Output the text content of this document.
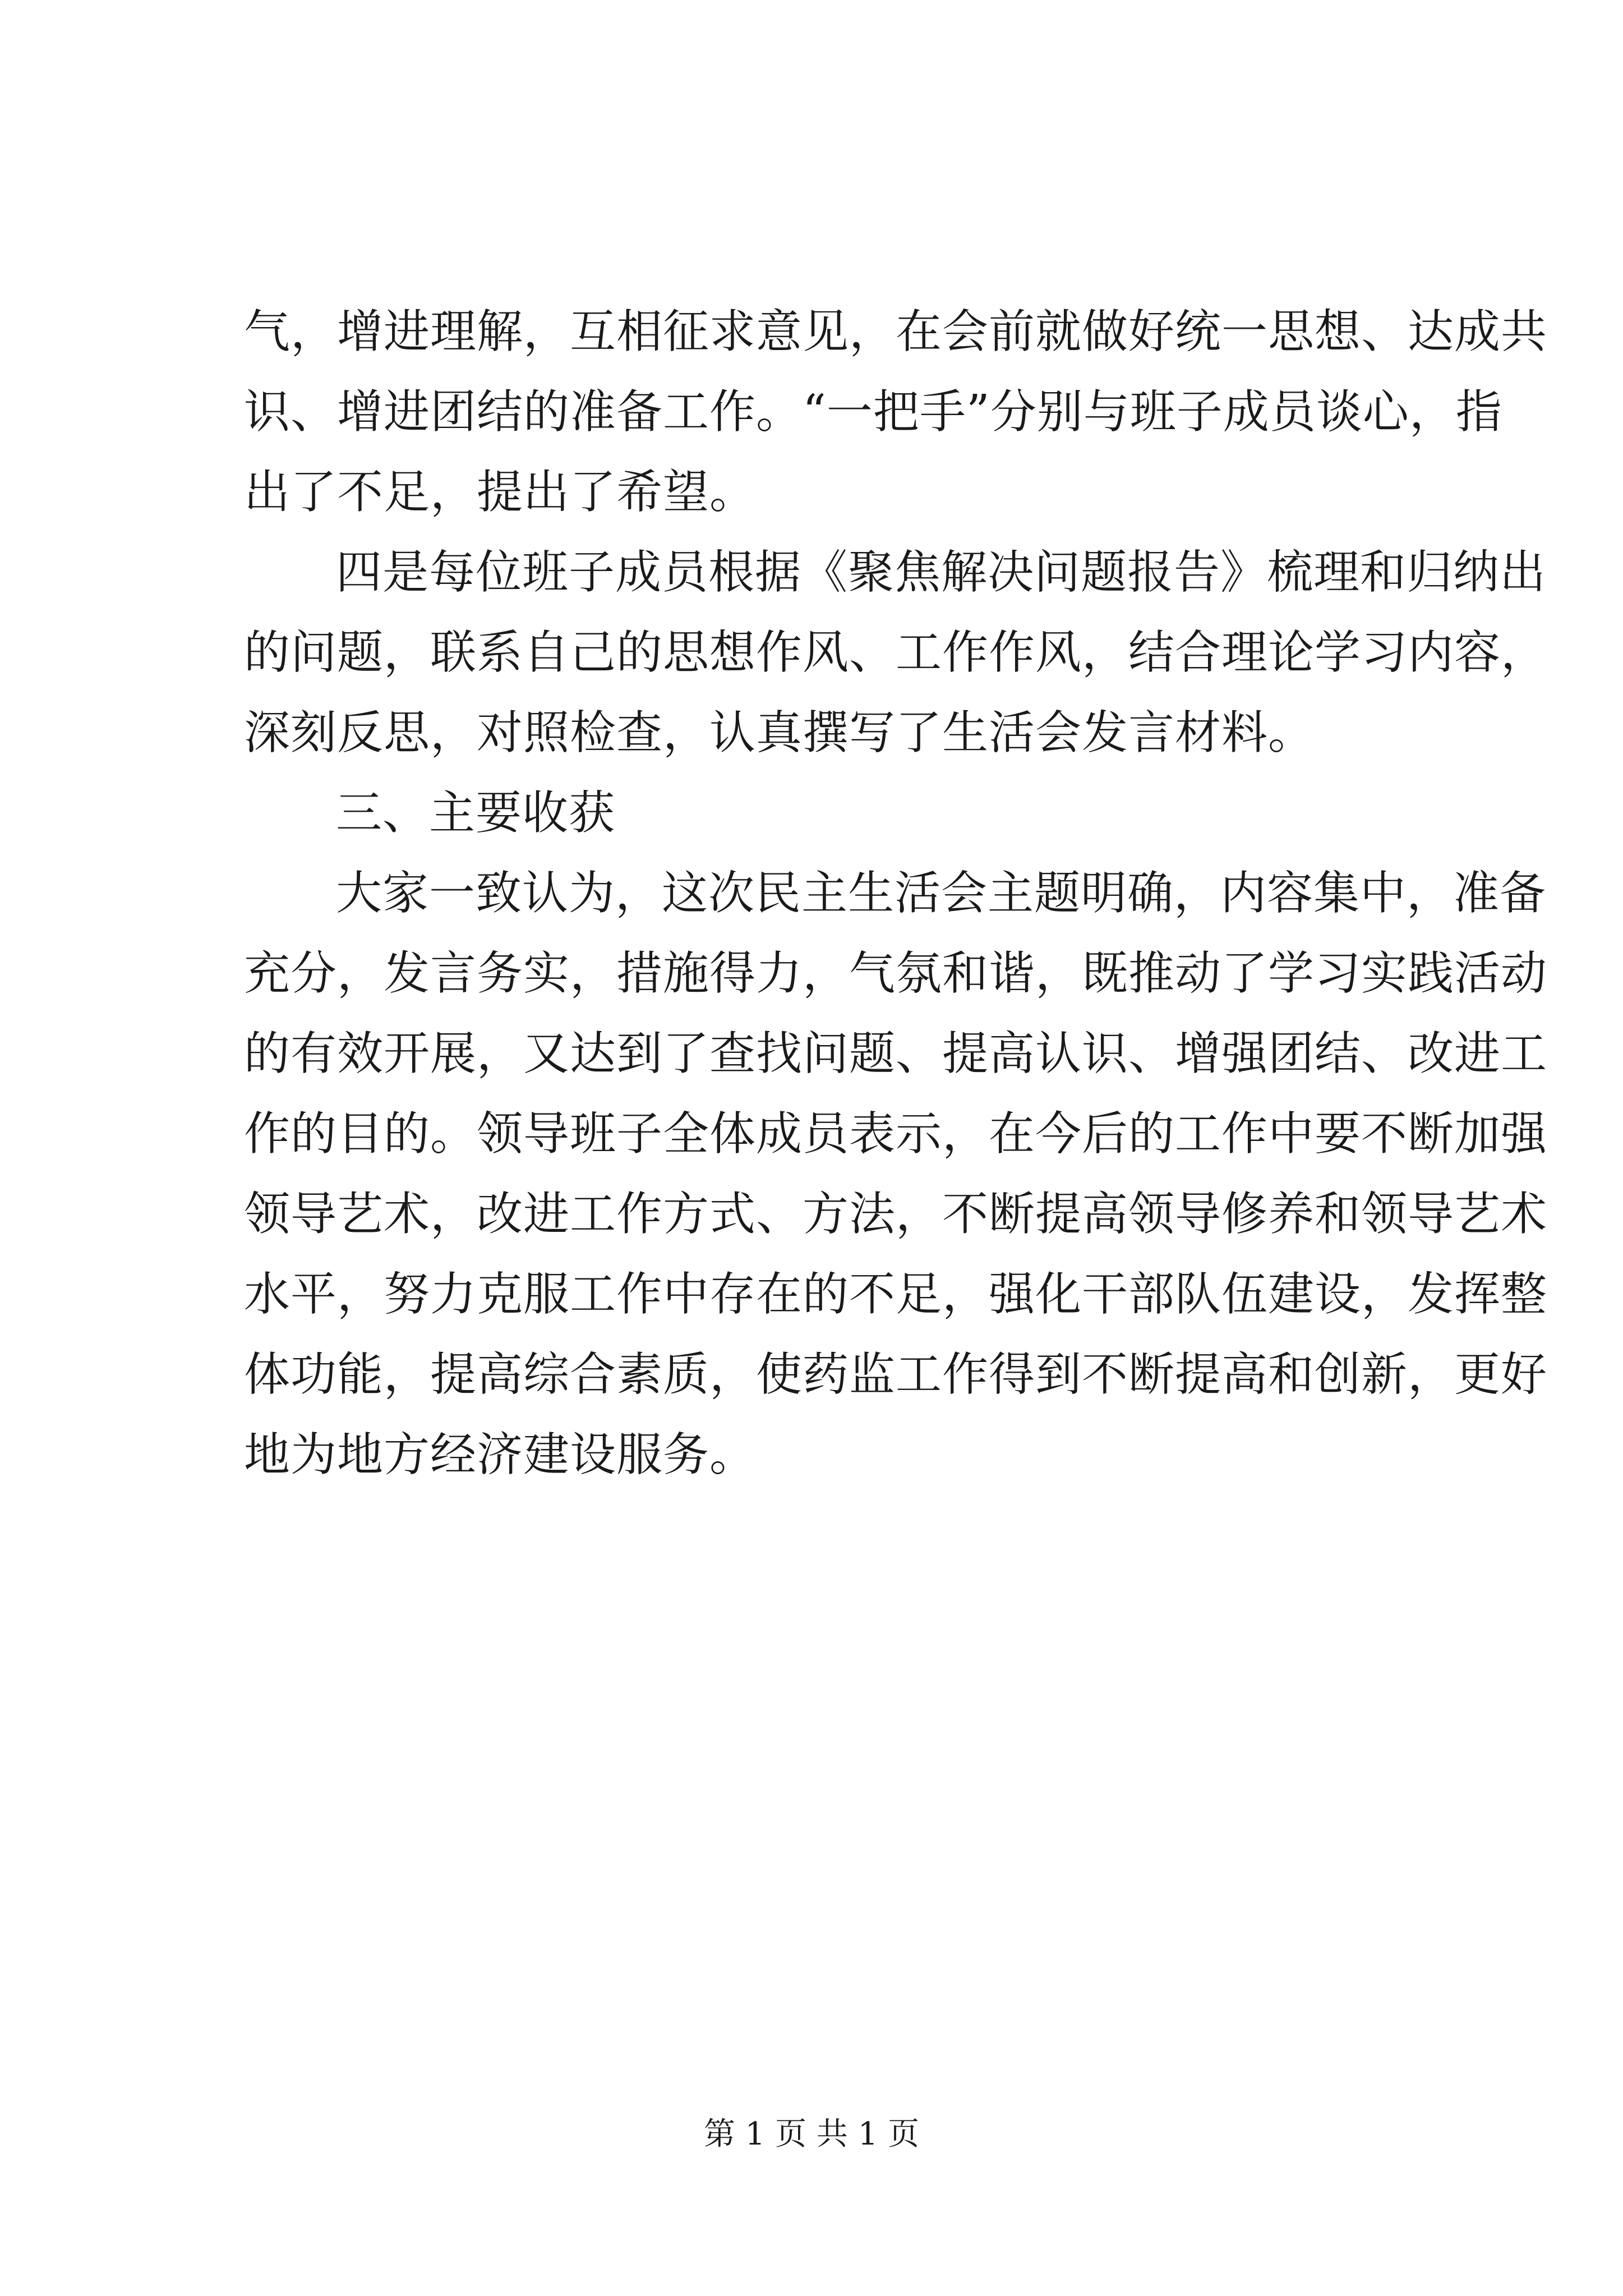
气，增进理解，互相征求意见，在会前就做好统一思想、达成共
识、增进团结的准备工作。“一把手”分别与班子成员谈心，指
出了不足，提出了希望。

四是每位班子成员根据《聚焦解决问题报告》梳理和归纳出
的问题，联系自己的思想作风、工作作风，结合理论学习内容，
深刻反思，对照检查，认真撰写了生活会发言材料。

三、主要收获

大家一致认为，这次民主生活会主题明确，内容集中，准备
充分，发言务实，措施得力，气氛和谐，既推动了学习实践活动
的有效开展，又达到了查找问题、提高认识、增强团结、改进工
作的目的。领导班子全体成员表示，在今后的工作中要不断加强
领导艺术，改进工作方式、方法，不断提高领导修养和领导艺术
水平，努力克服工作中存在的不足，强化干部队伍建设，发挥整
体功能，提高综合素质，使药监工作得到不断提高和创新，更好
地为地方经济建设服务。

第 1 页 共 1 页
